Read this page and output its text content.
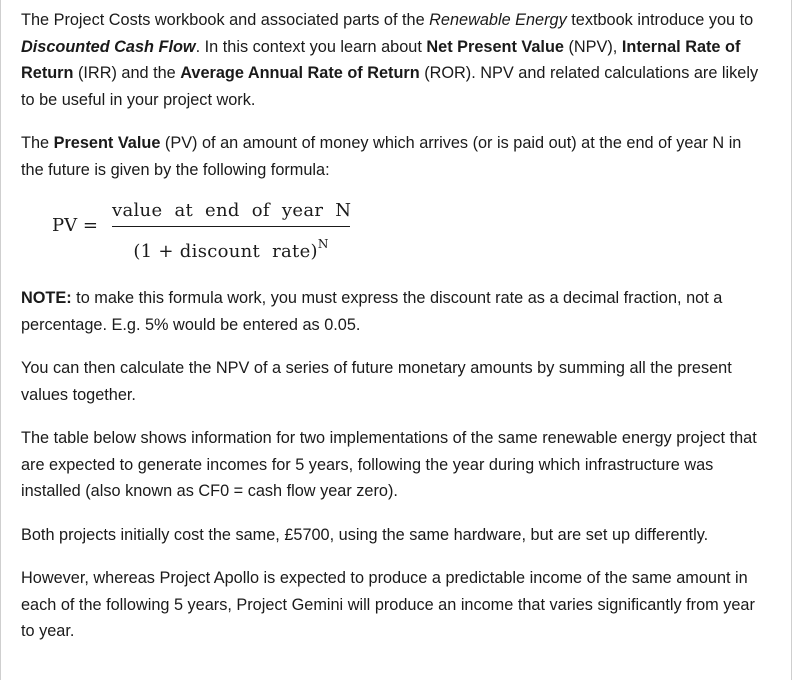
The Project Costs workbook and associated parts of the Renewable Energy textbook introduce you to Discounted Cash Flow. In this context you learn about Net Present Value (NPV), Internal Rate of Return (IRR) and the Average Annual Rate of Return (ROR). NPV and related calculations are likely to be useful in your project work.

The Present Value (PV) of an amount of money which arrives (or is paid out) at the end of year N in the future is given by the following formula:

PV =
value  at  end  of  year  N
(1 + discount  rate)$^N$

NOTE: to make this formula work, you must express the discount rate as a decimal fraction, not a percentage. E.g. 5% would be entered as 0.05.

You can then calculate the NPV of a series of future monetary amounts by summing all the present values together.

The table below shows information for two implementations of the same renewable energy project that are expected to generate incomes for 5 years, following the year during which infrastructure was installed (also known as CF0 = cash flow year zero).

Both projects initially cost the same, £5700, using the same hardware, but are set up differently.

However, whereas Project Apollo is expected to produce a predictable income of the same amount in each of the following 5 years, Project Gemini will produce an income that varies significantly from year to year.
